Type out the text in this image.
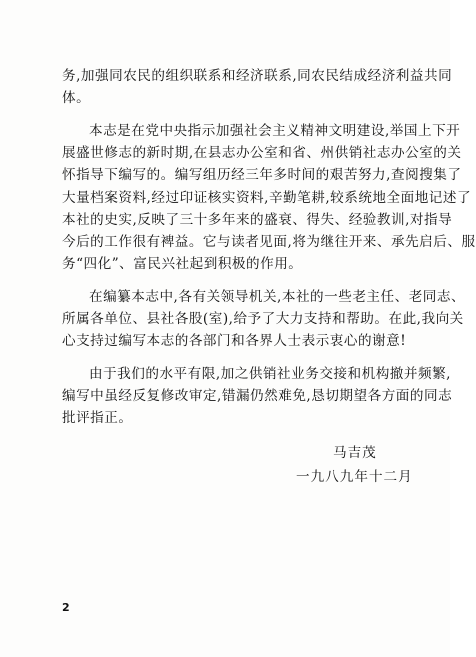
马吉茂
一九八九年十二月
2
务,加强同农民的组织联系和经济联系,同农民结成经济利益共同
体。
本志是在党中央指示加强社会主义精神文明建设,举国上下开
展盛世修志的新时期,在县志办公室和省、州供销社志办公室的关
怀指导下编写的。编写组历经三年多时间的艰苦努力,查阅搜集了
大量档案资料,经过印证核实资料,辛勤笔耕,较系统地全面地记述了
本社的史实,反映了三十多年来的盛衰、得失、经验教训,对指导
今后的工作很有裨益。它与读者见面,将为继往开来、承先启后、服
务“四化”、富民兴社起到积极的作用。
在编纂本志中,各有关领导机关,本社的一些老主任、老同志、
所属各单位、县社各股(室),给予了大力支持和帮助。在此,我向关
心支持过编写本志的各部门和各界人士表示衷心的谢意!
由于我们的水平有限,加之供销社业务交接和机构撤并频繁,
编写中虽经反复修改审定,错漏仍然难免,恳切期望各方面的同志
批评指正。
